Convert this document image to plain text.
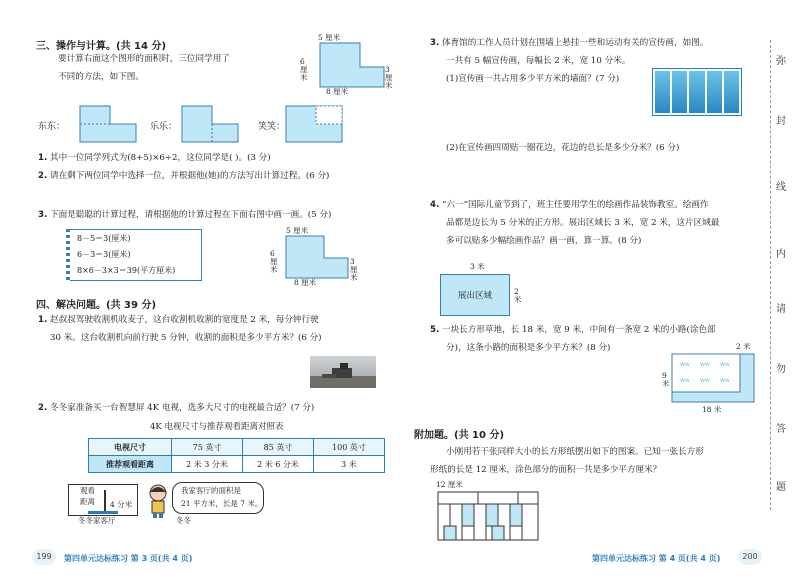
三、操作与计算。(共 14 分)
要计算右面这个图形的面积时，三位同学用了
不同的方法，如下图。
5 厘米
6厘米
8 厘米
3厘米
东东：	乐乐：	笑笑：
1. 其中一位同学列式为(8+5)×6÷2，这位同学是( )。(3 分)
2. 请在剩下两位同学中选择一位，并根据他(她)的方法写出计算过程。(6 分)
3. 下面是聪聪的计算过程，请根据他的计算过程在下面右图中画一画。(5 分)
8－5＝3(厘米)
6－3＝3(厘米)
8×6－3×3＝39(平方厘米)
5 厘米
6厘米
8 厘米
3厘米
四、解决问题。(共 39 分)
1. 赵叔叔驾驶收割机收麦子，这台收割机收割的宽度是 2 米，每分钟行驶
30 米。这台收割机向前行驶 5 分钟，收割的面积是多少平方米？(6 分)
2. 冬冬家准备买一台智慧屏 4K 电视，选多大尺寸的电视最合适？(7 分)
4K 电视尺寸与推荐观看距离对照表
电视尺寸	75 英寸	85 英寸	100 英寸
推荐观看距离	2 米 3 分米	2 米 6 分米	3 米
观看
距离 4 分米
冬冬家客厅	冬冬
我家客厅的面积是
21 平方米，长是 7 米。
199	第四单元达标练习 第 3 页(共 4 页)
3. 体育馆的工作人员计划在围墙上悬挂一些和运动有关的宣传画，如图。
一共有 5 幅宣传画，每幅长 2 米，宽 10 分米。
(1)宣传画一共占用多少平方米的墙面？(7 分)
(2)在宣传画四周贴一圈花边，花边的总长是多少分米？(6 分)
4. “六一”国际儿童节到了，班主任要用学生的绘画作品装饰教室。绘画作
品都是边长为 5 分米的正方形。展出区域长 3 米，宽 2 米，这片区域最
多可以贴多少幅绘画作品？画一画，算一算。(8 分)
3 米
展出区域	2米
5. 一块长方形草地，长 18 米，宽 9 米，中间有一条宽 2 米的小路(涂色部
分)，这条小路的面积是多少平方米？(8 分)	2 米
ww ww ww
ww ww ww
9米
18 米
附加题。(共 10 分)
小刚用若干张同样大小的长方形纸摆出如下的图案。已知一张长方形
形纸的长是 12 厘米，涂色部分的面积一共是多少平方厘米？
12 厘米
第四单元达标练习 第 4 页(共 4 页)	200
弥
封
线
内
请
勿
答
题
